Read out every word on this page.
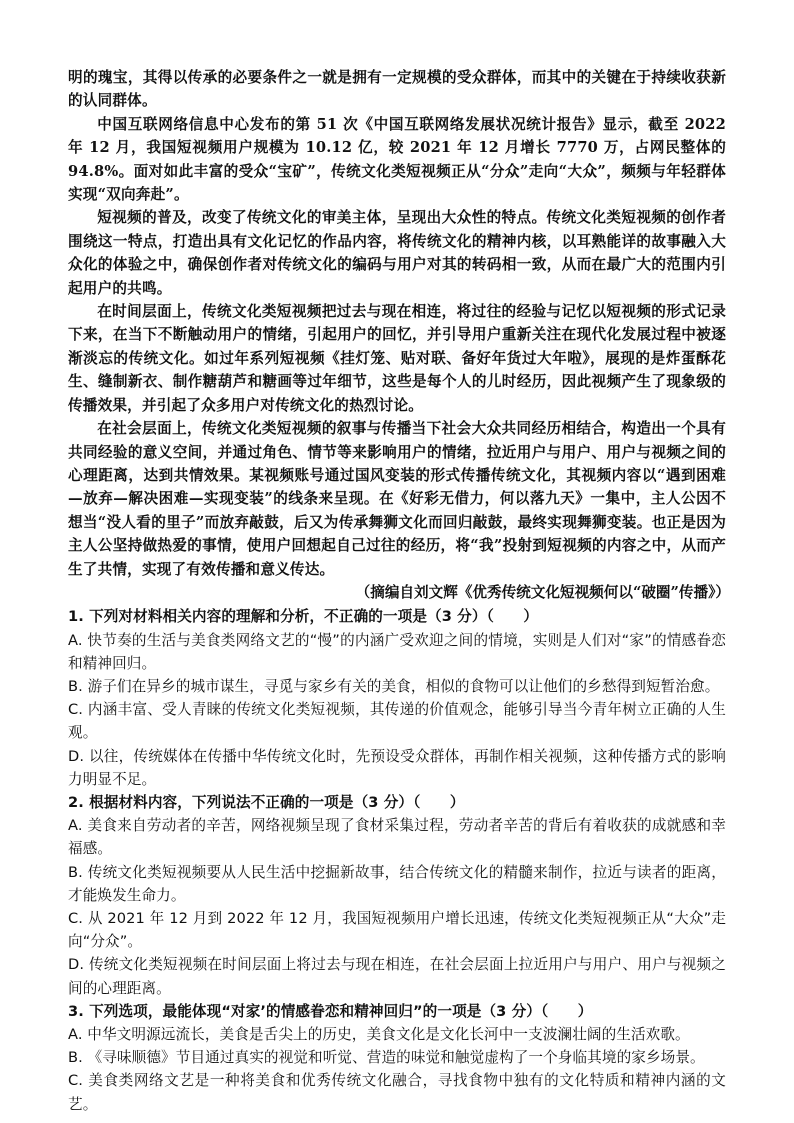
明的瑰宝，其得以传承的必要条件之一就是拥有一定规模的受众群体，而其中的关键在于持续收获新的认同群体。

中国互联网络信息中心发布的第 51 次《中国互联网络发展状况统计报告》显示，截至 2022 年 12 月，我国短视频用户规模为 10.12 亿，较 2021 年 12 月增长 7770 万，占网民整体的 94.8%。面对如此丰富的受众“宝矿”，传统文化类短视频正从“分众”走向“大众”，频频与年轻群体实现“双向奔赴”。

短视频的普及，改变了传统文化的审美主体，呈现出大众性的特点。传统文化类短视频的创作者围绕这一特点，打造出具有文化记忆的作品内容，将传统文化的精神内核，以耳熟能详的故事融入大众化的体验之中，确保创作者对传统文化的编码与用户对其的转码相一致，从而在最广大的范围内引起用户的共鸣。

在时间层面上，传统文化类短视频把过去与现在相连，将过往的经验与记忆以短视频的形式记录下来，在当下不断触动用户的情绪，引起用户的回忆，并引导用户重新关注在现代化发展过程中被逐渐淡忘的传统文化。如过年系列短视频《挂灯笼、贴对联、备好年货过大年啦》，展现的是炸蛋酥花生、缝制新衣、制作糖葫芦和糖画等过年细节，这些是每个人的儿时经历，因此视频产生了现象级的传播效果，并引起了众多用户对传统文化的热烈讨论。

在社会层面上，传统文化类短视频的叙事与传播当下社会大众共同经历相结合，构造出一个具有共同经验的意义空间，并通过角色、情节等来影响用户的情绪，拉近用户与用户、用户与视频之间的心理距离，达到共情效果。某视频账号通过国风变装的形式传播传统文化，其视频内容以“遇到困难—放弃—解决困难—实现变装”的线条来呈现。在《好彩无借力，何以落九天》一集中，主人公因不想当“没人看的里子”而放弃敲鼓，后又为传承舞狮文化而回归敲鼓，最终实现舞狮变装。也正是因为主人公坚持做热爱的事情，使用户回想起自己过往的经历，将“我”投射到短视频的内容之中，从而产生了共情，实现了有效传播和意义传达。

（摘编自刘文辉《优秀传统文化短视频何以“破圈”传播》）

1. 下列对材料相关内容的理解和分析，不正确的一项是（3 分）（　　）

A. 快节奏的生活与美食类网络文艺的“慢”的内涵广受欢迎之间的情境，实则是人们对“家”的情感眷恋和精神回归。

B. 游子们在异乡的城市谋生，寻觅与家乡有关的美食，相似的食物可以让他们的乡愁得到短暂治愈。

C. 内涵丰富、受人青睐的传统文化类短视频，其传递的价值观念，能够引导当今青年树立正确的人生观。

D. 以往，传统媒体在传播中华传统文化时，先预设受众群体，再制作相关视频，这种传播方式的影响力明显不足。

2. 根据材料内容，下列说法不正确的一项是（3 分）（　　）

A. 美食来自劳动者的辛苦，网络视频呈现了食材采集过程，劳动者辛苦的背后有着收获的成就感和幸福感。

B. 传统文化类短视频要从人民生活中挖掘新故事，结合传统文化的精髓来制作，拉近与读者的距离，才能焕发生命力。

C. 从 2021 年 12 月到 2022 年 12 月，我国短视频用户增长迅速，传统文化类短视频正从“大众”走向“分众”。

D. 传统文化类短视频在时间层面上将过去与现在相连，在社会层面上拉近用户与用户、用户与视频之间的心理距离。

3. 下列选项，最能体现“对家’的情感眷恋和精神回归”的一项是（3 分）（　　）

A. 中华文明源远流长，美食是舌尖上的历史，美食文化是文化长河中一支波澜壮阔的生活欢歌。

B. 《寻味顺德》节目通过真实的视觉和听觉、营造的味觉和触觉虚构了一个身临其境的家乡场景。

C. 美食类网络文艺是一种将美食和优秀传统文化融合，寻找食物中独有的文化特质和精神内涵的文艺。
